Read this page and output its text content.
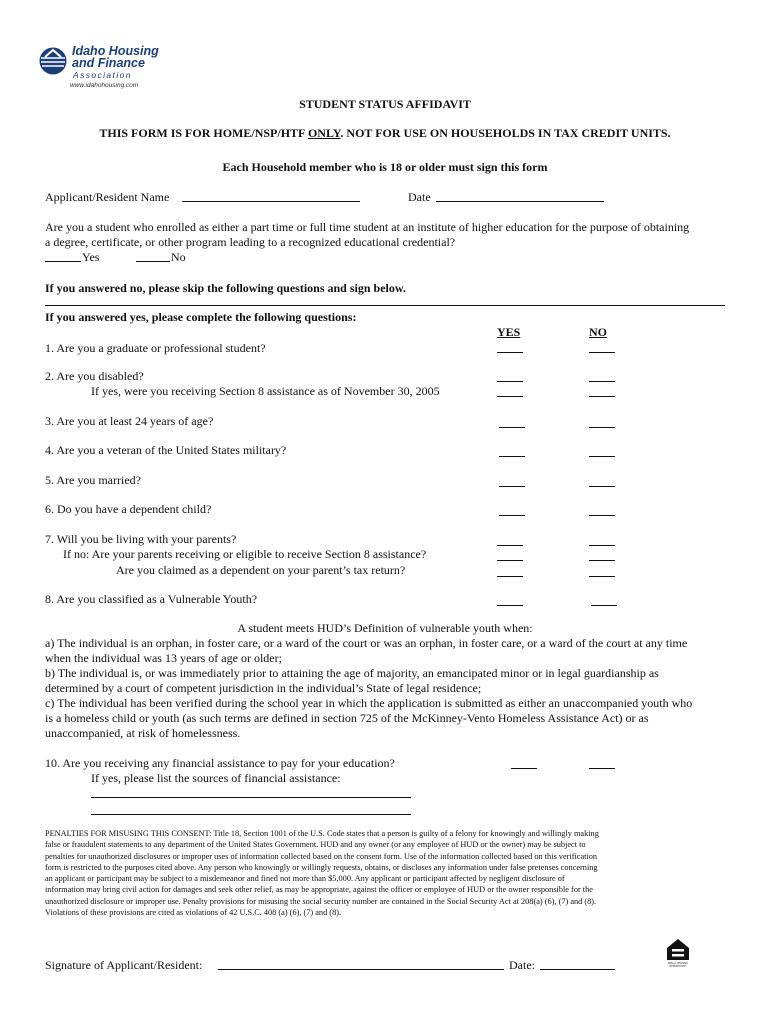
Idaho Housing
and Finance
Association
www.idahohousing.com
STUDENT STATUS AFFIDAVIT
THIS FORM IS FOR HOME/NSP/HTF ONLY. NOT FOR USE ON HOUSEHOLDS IN TAX CREDIT UNITS.
Each Household member who is 18 or older must sign this form
Applicant/Resident Name	Date
Are you a student who enrolled as either a part time or full time student at an institute of higher education for the purpose of obtaining
a degree, certificate, or other program leading to a recognized educational credential?
Yes	No
If you answered no, please skip the following questions and sign below.
If you answered yes, please complete the following questions:
YES	NO
1. Are you a graduate or professional student?
2. Are you disabled?
If yes, were you receiving Section 8 assistance as of November 30, 2005
3. Are you at least 24 years of age?
4. Are you a veteran of the United States military?
5. Are you married?
6. Do you have a dependent child?
7. Will you be living with your parents?
If no: Are your parents receiving or eligible to receive Section 8 assistance?
Are you claimed as a dependent on your parent’s tax return?
8. Are you classified as a Vulnerable Youth?
A student meets HUD’s Definition of vulnerable youth when:
a) The individual is an orphan, in foster care, or a ward of the court or was an orphan, in foster care, or a ward of the court at any time
when the individual was 13 years of age or older;
b) The individual is, or was immediately prior to attaining the age of majority, an emancipated minor or in legal guardianship as
determined by a court of competent jurisdiction in the individual’s State of legal residence;
c) The individual has been verified during the school year in which the application is submitted as either an unaccompanied youth who
is a homeless child or youth (as such terms are defined in section 725 of the McKinney-Vento Homeless Assistance Act) or as
unaccompanied, at risk of homelessness.
10. Are you receiving any financial assistance to pay for your education?
If yes, please list the sources of financial assistance:
PENALTIES FOR MISUSING THIS CONSENT: Title 18, Section 1001 of the U.S. Code states that a person is guilty of a felony for knowingly and willingly making
false or fraudulent statements to any department of the United States Government. HUD and any owner (or any employee of HUD or the owner) may be subject to
penalties for unauthorized disclosures or improper uses of information collected based on the consent form. Use of the information collected based on this verification
form is restricted to the purposes cited above. Any person who knowingly or willingly requests, obtains, or discloses any information under false pretenses concerning
an applicant or participant may be subject to a misdemeanor and fined not more than $5,000. Any applicant or participant affected by negligent disclosure of
information may bring civil action for damages and seek other relief, as may be appropriate, against the officer or employee of HUD or the owner responsible for the
unauthorized disclosure or improper use. Penalty provisions for misusing the social security number are contained in the Social Security Act at 208(a) (6), (7) and (8).
Violations of these provisions are cited as violations of 42 U.S.C. 408 (a) (6), (7) and (8).
Signature of Applicant/Resident:	Date:	EQUAL HOUSING OPPORTUNITY
